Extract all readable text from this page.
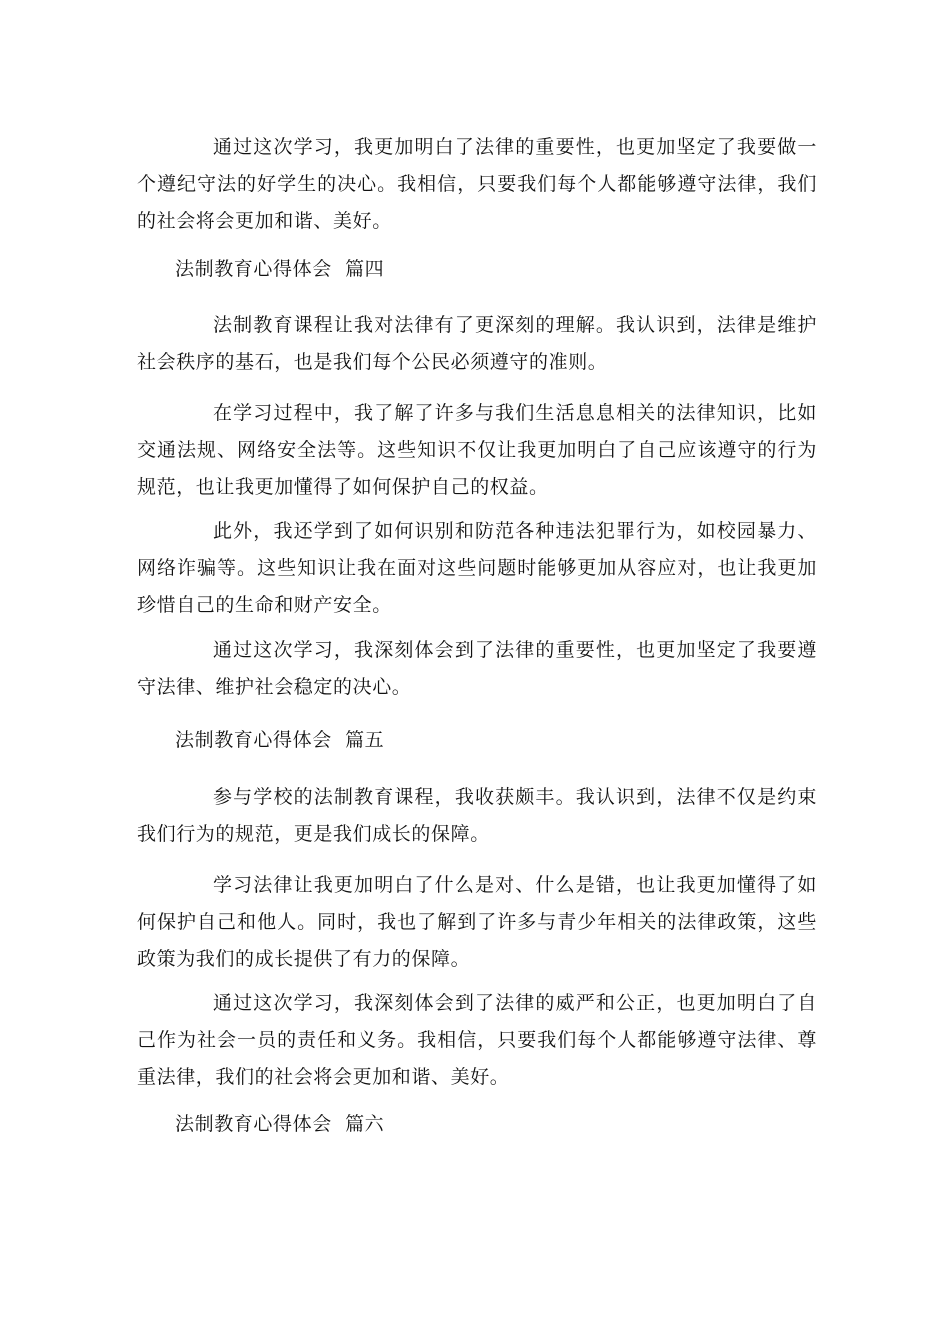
通过这次学习，我更加明白了法律的重要性，也更加坚定了我要做一个遵纪守法的好学生的决心。我相信，只要我们每个人都能够遵守法律，我们的社会将会更加和谐、美好。

法制教育心得体会  篇四

法制教育课程让我对法律有了更深刻的理解。我认识到，法律是维护社会秩序的基石，也是我们每个公民必须遵守的准则。

在学习过程中，我了解了许多与我们生活息息相关的法律知识，比如交通法规、网络安全法等。这些知识不仅让我更加明白了自己应该遵守的行为规范，也让我更加懂得了如何保护自己的权益。

此外，我还学到了如何识别和防范各种违法犯罪行为，如校园暴力、网络诈骗等。这些知识让我在面对这些问题时能够更加从容应对，也让我更加珍惜自己的生命和财产安全。

通过这次学习，我深刻体会到了法律的重要性，也更加坚定了我要遵守法律、维护社会稳定的决心。

法制教育心得体会  篇五

参与学校的法制教育课程，我收获颇丰。我认识到，法律不仅是约束我们行为的规范，更是我们成长的保障。

学习法律让我更加明白了什么是对、什么是错，也让我更加懂得了如何保护自己和他人。同时，我也了解到了许多与青少年相关的法律政策，这些政策为我们的成长提供了有力的保障。

通过这次学习，我深刻体会到了法律的威严和公正，也更加明白了自己作为社会一员的责任和义务。我相信，只要我们每个人都能够遵守法律、尊重法律，我们的社会将会更加和谐、美好。

法制教育心得体会  篇六
